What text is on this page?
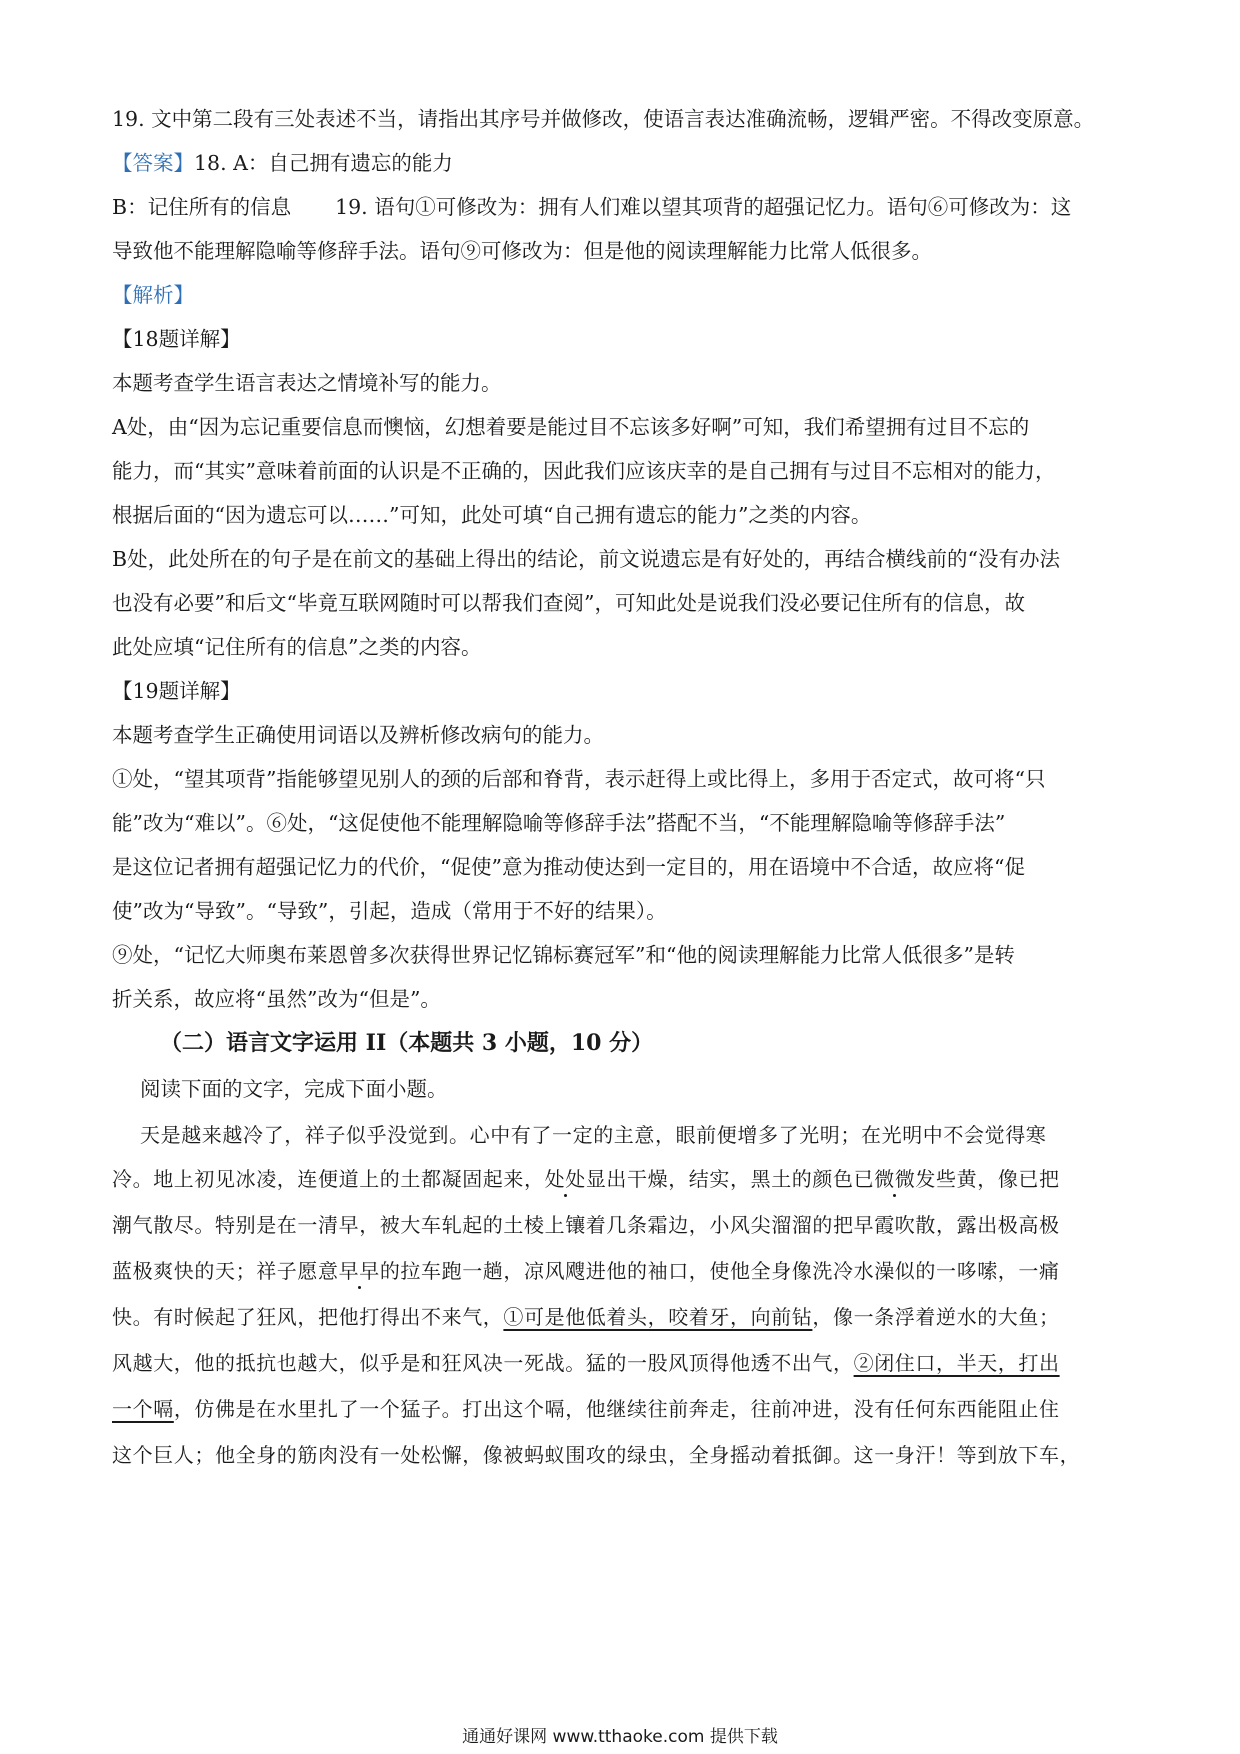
19. 文中第二段有三处表述不当，请指出其序号并做修改，使语言表达准确流畅，逻辑严密。不得改变原意。
【答案】18. A：自己拥有遗忘的能力
B：记住所有的信息 19. 语句①可修改为：拥有人们难以望其项背的超强记忆力。语句⑥可修改为：这
导致他不能理解隐喻等修辞手法。语句⑨可修改为：但是他的阅读理解能力比常人低很多。
【解析】
【18题详解】
本题考查学生语言表达之情境补写的能力。
A处，由“因为忘记重要信息而懊恼，幻想着要是能过目不忘该多好啊”可知，我们希望拥有过目不忘的
能力，而“其实”意味着前面的认识是不正确的，因此我们应该庆幸的是自己拥有与过目不忘相对的能力，
根据后面的“因为遗忘可以……”可知，此处可填“自己拥有遗忘的能力”之类的内容。
B处，此处所在的句子是在前文的基础上得出的结论，前文说遗忘是有好处的，再结合横线前的“没有办法
也没有必要”和后文“毕竟互联网随时可以帮我们查阅”，可知此处是说我们没必要记住所有的信息，故
此处应填“记住所有的信息”之类的内容。
【19题详解】
本题考查学生正确使用词语以及辨析修改病句的能力。
①处，“望其项背”指能够望见别人的颈的后部和脊背，表示赶得上或比得上，多用于否定式，故可将“只
能”改为“难以”。⑥处，“这促使他不能理解隐喻等修辞手法”搭配不当，“不能理解隐喻等修辞手法”
是这位记者拥有超强记忆力的代价，“促使”意为推动使达到一定目的，用在语境中不合适，故应将“促
使”改为“导致”。“导致”，引起，造成（常用于不好的结果）。
⑨处，“记忆大师奥布莱恩曾多次获得世界记忆锦标赛冠军”和“他的阅读理解能力比常人低很多”是转
折关系，故应将“虽然”改为“但是”。
（二）语言文字运用 II（本题共 3 小题，10 分）
阅读下面的文字，完成下面小题。
天是越来越冷了，祥子似乎没觉到。心中有了一定的主意，眼前便增多了光明；在光明中不会觉得寒
冷。地上初见冰凌，连便道上的土都凝固起来，处处显出干燥，结实，黑土的颜色已微微发些黄，像已把
潮气散尽。特别是在一清早，被大车轧起的土棱上镶着几条霜边，小风尖溜溜的把早霞吹散，露出极高极
蓝极爽快的天；祥子愿意早早的拉车跑一趟，凉风飕进他的袖口，使他全身像洗冷水澡似的一哆嗦，一痛
快。有时候起了狂风，把他打得出不来气，①可是他低着头，咬着牙，向前钻，像一条浮着逆水的大鱼；
风越大，他的抵抗也越大，似乎是和狂风决一死战。猛的一股风顶得他透不出气，②闭住口，半天，打出
一个嗝，仿佛是在水里扎了一个猛子。打出这个嗝，他继续往前奔走，往前冲进，没有任何东西能阻止住
这个巨人；他全身的筋肉没有一处松懈，像被蚂蚁围攻的绿虫，全身摇动着抵御。这一身汗！等到放下车，
通通好课网 www.tthaoke.com 提供下载
